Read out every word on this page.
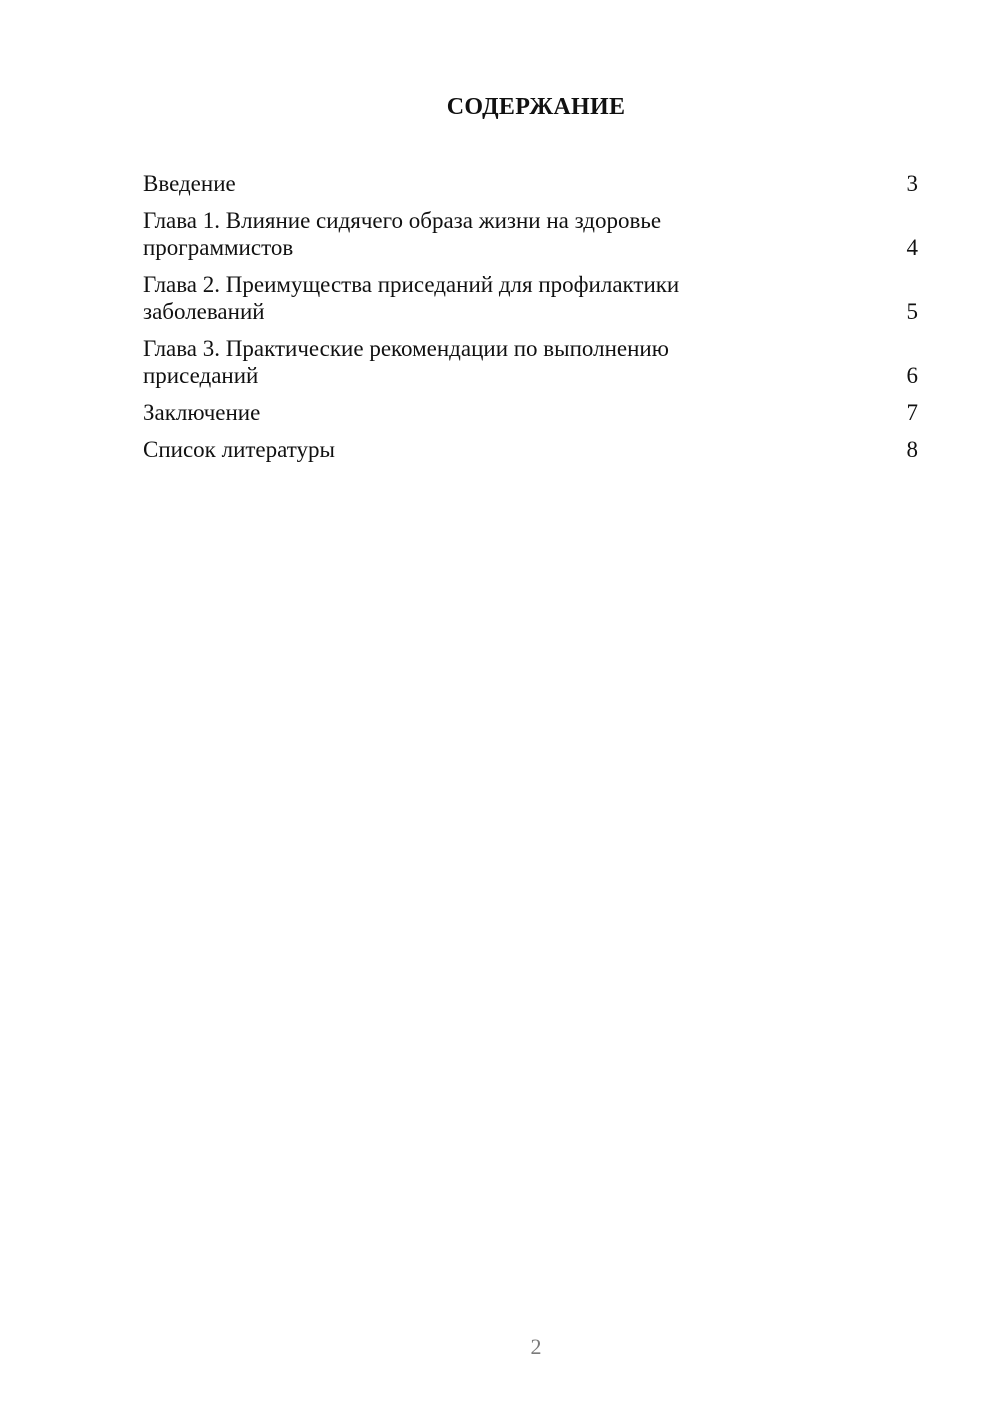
СОДЕРЖАНИЕ
Введение	3
Глава 1. Влияние сидячего образа жизни на здоровье программистов	4
Глава 2. Преимущества приседаний для профилактики заболеваний	5
Глава 3. Практические рекомендации по выполнению приседаний	6
Заключение	7
Список литературы	8
2
